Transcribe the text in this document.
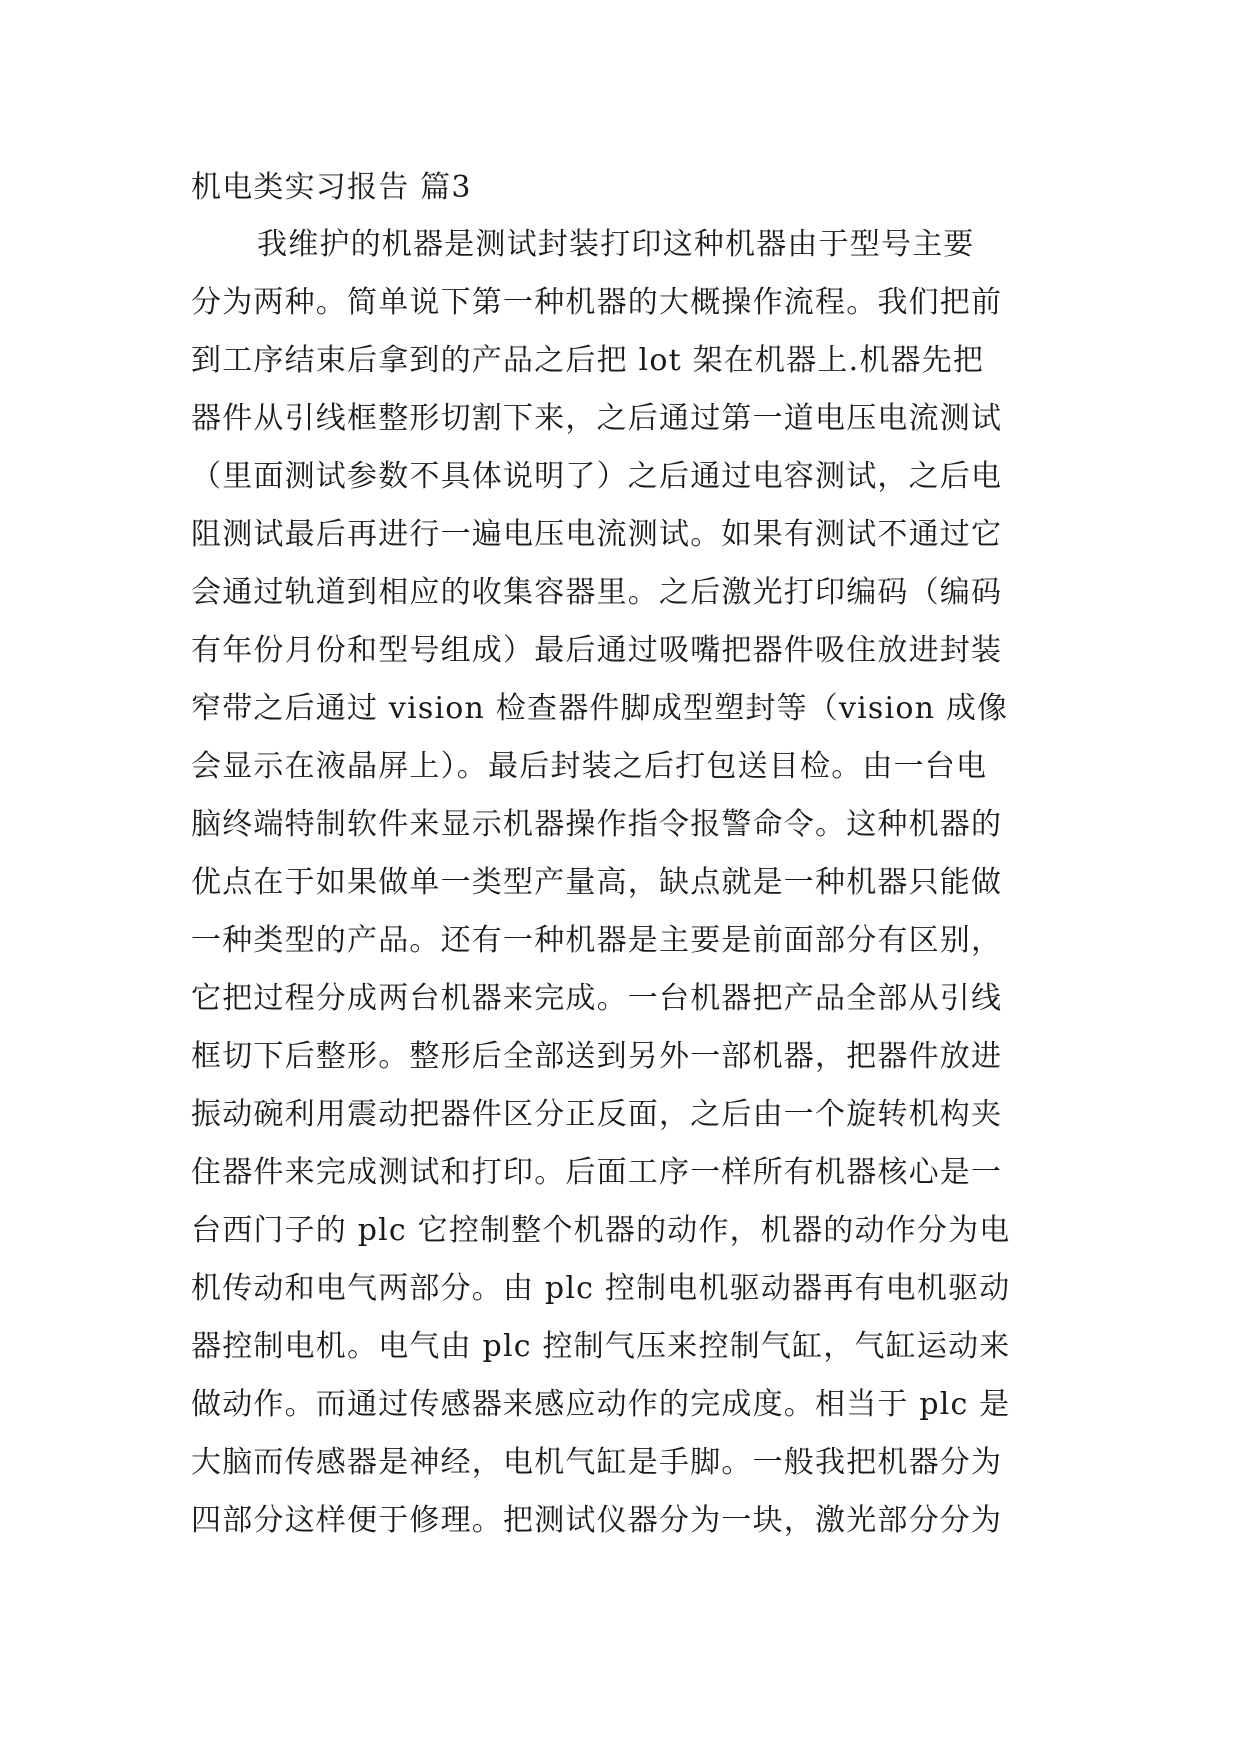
机电类实习报告 篇3
我维护的机器是测试封装打印这种机器由于型号主要
分为两种。简单说下第一种机器的大概操作流程。我们把前
到工序结束后拿到的产品之后把 lot 架在机器上.机器先把
器件从引线框整形切割下来，之后通过第一道电压电流测试
（里面测试参数不具体说明了）之后通过电容测试，之后电
阻测试最后再进行一遍电压电流测试。如果有测试不通过它
会通过轨道到相应的收集容器里。之后激光打印编码（编码
有年份月份和型号组成）最后通过吸嘴把器件吸住放进封装
窄带之后通过 vision 检查器件脚成型塑封等（vision 成像
会显示在液晶屏上）。最后封装之后打包送目检。由一台电
脑终端特制软件来显示机器操作指令报警命令。这种机器的
优点在于如果做单一类型产量高，缺点就是一种机器只能做
一种类型的产品。还有一种机器是主要是前面部分有区别，
它把过程分成两台机器来完成。一台机器把产品全部从引线
框切下后整形。整形后全部送到另外一部机器，把器件放进
振动碗利用震动把器件区分正反面，之后由一个旋转机构夹
住器件来完成测试和打印。后面工序一样所有机器核心是一
台西门子的 plc 它控制整个机器的动作，机器的动作分为电
机传动和电气两部分。由 plc 控制电机驱动器再有电机驱动
器控制电机。电气由 plc 控制气压来控制气缸，气缸运动来
做动作。而通过传感器来感应动作的完成度。相当于 plc 是
大脑而传感器是神经，电机气缸是手脚。一般我把机器分为
四部分这样便于修理。把测试仪器分为一块，激光部分分为
